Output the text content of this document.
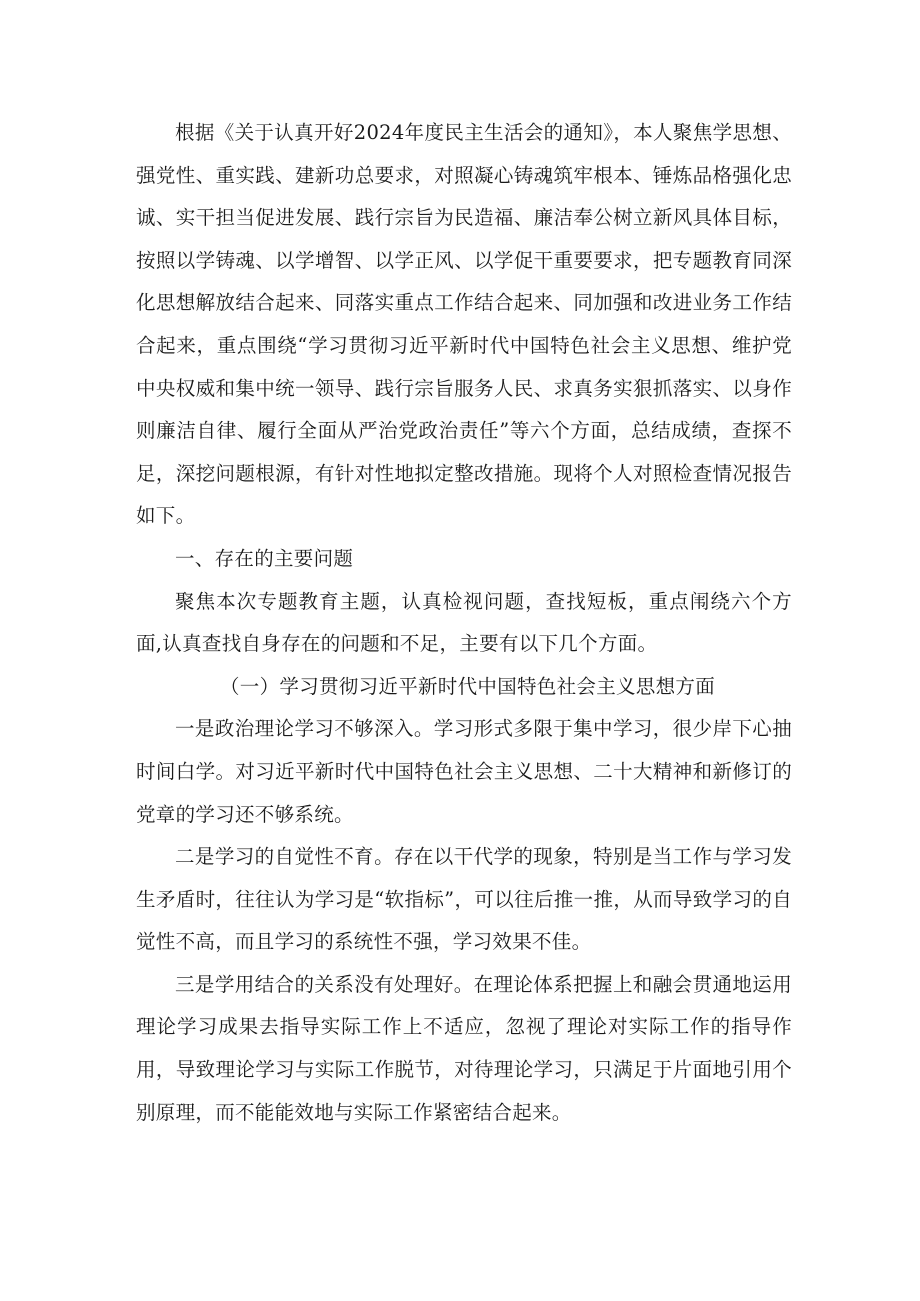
根据《关于认真开好2024年度民主生活会的通知》，本人聚焦学思想、强党性、重实践、建新功总要求，对照凝心铸魂筑牢根本、锤炼品格强化忠诚、实干担当促进发展、践行宗旨为民造福、廉洁奉公树立新风具体目标，按照以学铸魂、以学增智、以学正风、以学促干重要要求，把专题教育同深化思想解放结合起来、同落实重点工作结合起来、同加强和改进业务工作结合起来，重点围绕“学习贯彻习近平新时代中国特色社会主义思想、维护党中央权威和集中统一领导、践行宗旨服务人民、求真务实狠抓落实、以身作则廉洁自律、履行全面从严治党政治责任”等六个方面，总结成绩，查探不足，深挖问题根源，有针对性地拟定整改措施。现将个人对照检查情况报告如下。

一、存在的主要问题

聚焦本次专题教育主题，认真检视问题，查找短板，重点闱绕六个方面,认真查找自身存在的问题和不足，主要有以下几个方面。

（一）学习贯彻习近平新时代中国特色社会主义思想方面

一是政治理论学习不够深入。学习形式多限于集中学习，很少岸下心抽时间白学。对习近平新时代中国特色社会主义思想、二十大精神和新修订的党章的学习还不够系统。

二是学习的自觉性不育。存在以干代学的现象，特别是当工作与学习发生矛盾时，往往认为学习是“软指标”，可以往后推一推，从而导致学习的自觉性不高，而且学习的系统性不强，学习效果不佳。

三是学用结合的关系没有处理好。在理论体系把握上和融会贯通地运用理论学习成果去指导实际工作上不适应，忽视了理论对实际工作的指导作用，导致理论学习与实际工作脱节，对待理论学习，只满足于片面地引用个别原理，而不能能效地与实际工作紧密结合起来。
